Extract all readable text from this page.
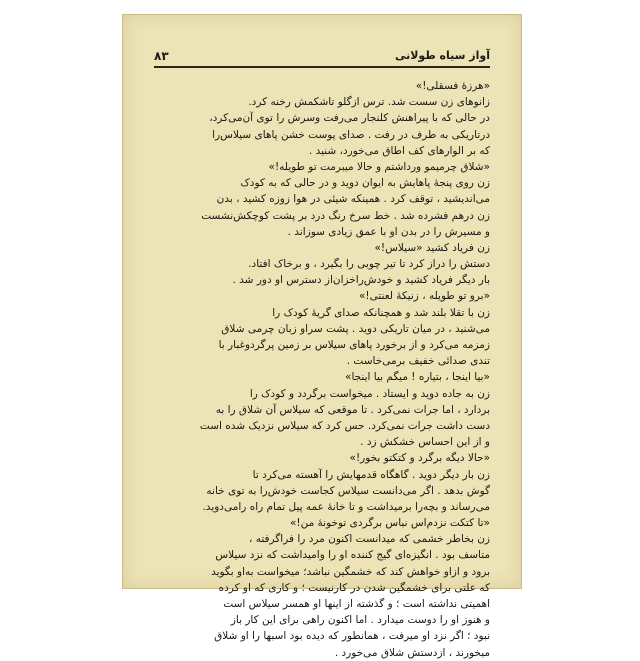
آواز سیاه طولانی
۸۳
«هرزهٔ فسقلی!»
زانوهای زن سست شد. ترس ازگلو تاشکمش رخنه کرد.
در حالی که با پیراهنش کلنجار می‌رفت وسرش را توی آن‌می‌کرد،
درتاریکی به طرف در رفت . صدای پوست خشن پاهای سیلاس‌را
که بر الوارهای کف اطاق می‌خورد، شنید .
«شلاق چرمیمو ورداشتم و حالا میبرمت تو طویله!»
زن روی پنجهٔ پاهایش به ایوان دوید و در حالی که به کودک
می‌اندیشید ، توقف کرد . همینکه شیئی در هوا زوزه کشید ، بدن
زن درهم فشرده شد . خط سرخ رنگ درد بر پشت کوچکش‌نشست
و مسیرش را در بدن او با عمق زیادی سوزاند .
زن فریاد کشید «سیلاس!»
دستش را دراز کرد تا تیر چوبی را بگیرد ، و برخاک افتاد.
بار دیگر فریاد کشید و خودش‌راخزان‌از دسترس او دور شد .
«برو تو طویله ، زنیکهٔ لعنتی!»
زن با تقلا بلند شد و همچنانکه صدای گریهٔ کودک را
می‌شنید ، در میان تاریکی دوید . پشت سراو زبان چرمی شلاق
زمزمه می‌کرد و از برخورد پاهای سیلاس بر زمین پرگردوغبار با
تندی صدائی خفیف برمی‌خاست .
«بیا اینجا ، بتیاره ! میگم بیا اینجا»
زن به جاده دوید و ایستاد . میخواست برگردد و کودک را
بردارد ، اما جرات نمی‌کرد . تا موقعی که سیلاس آن شلاق را به
دست داشت جرات نمی‌کرد. حس کرد که سیلاس نزدیک شده است
و از این احساس خشکش زد .
«حالا دیگه برگرد و کتکتو بخور!»
زن بار دیگر دوید . گاهگاه قدمهایش را آهسته می‌کرد تا
گوش بدهد . اگر می‌دانست سیلاس کجاست خودش‌را به توی خانه
می‌رساند و بچه‌را برمیداشت و تا خانهٔ عمه پیل تمام راه رامی‌دوید.
«تا کتکت نزدم‌اس نباس برگردی توخونهٔ من!»
زن بخاطر خشمی که میدانست اکنون مرد را فراگرفته ،
متاسف بود . انگیزه‌ای گیج کننده او را وامیداشت که نزد سیلاس
برود و ازاو خواهش کند که خشمگین نباشد؛ میخواست به‌او بگوید
که علتی برای خشمگین شدن در کارنیست ؛ و کاری که او کرده
اهمیتی نداشته است ؛ و گذشته از اینها او همسر سیلاس است
و هنوز او را دوست میدارد . اما اکنون راهی برای این کار باز
نبود ؛ اگر نزد او میرفت ، همانطور که دیده بود اسبها را او شلاق
میخورند ، ازدستش شلاق می‌خورد .
